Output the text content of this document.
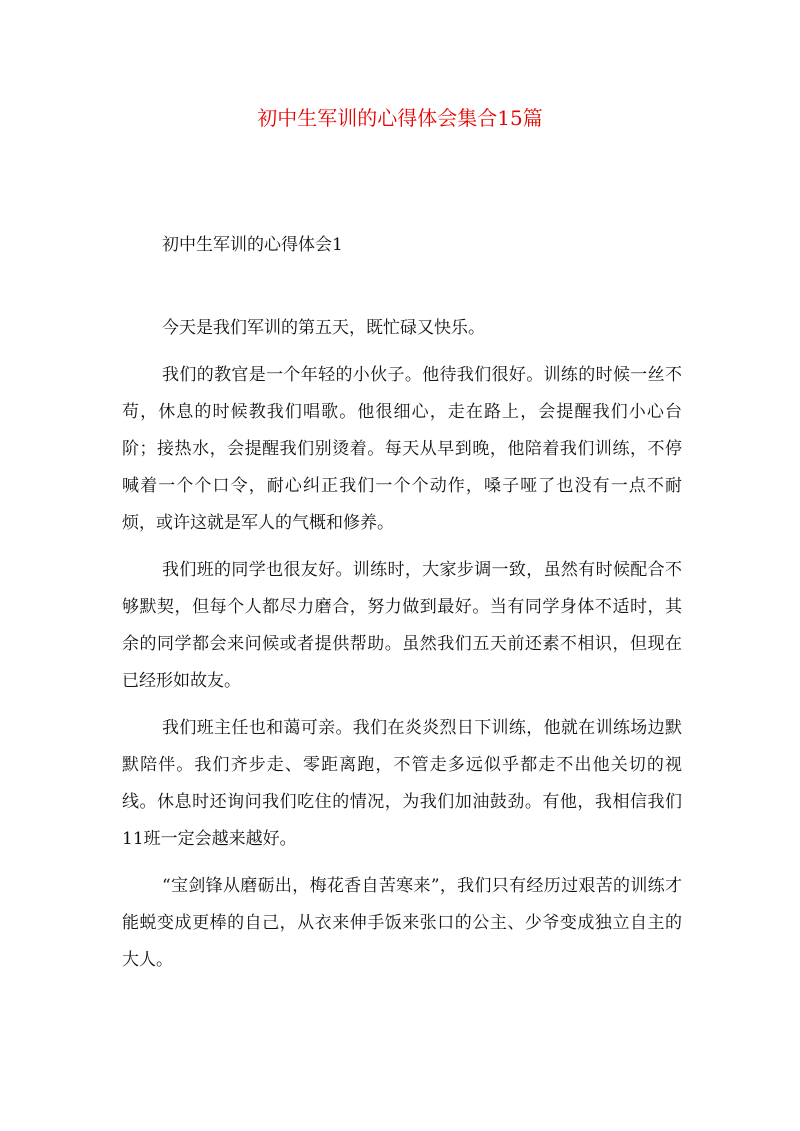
初中生军训的心得体会集合15篇
初中生军训的心得体会1

今天是我们军训的第五天，既忙碌又快乐。

我们的教官是一个年轻的小伙子。他待我们很好。训练的时候一丝不苟，休息的时候教我们唱歌。他很细心，走在路上，会提醒我们小心台阶；接热水，会提醒我们别烫着。每天从早到晚，他陪着我们训练，不停喊着一个个口令，耐心纠正我们一个个动作，嗓子哑了也没有一点不耐烦，或许这就是军人的气概和修养。

我们班的同学也很友好。训练时，大家步调一致，虽然有时候配合不够默契，但每个人都尽力磨合，努力做到最好。当有同学身体不适时，其余的同学都会来问候或者提供帮助。虽然我们五天前还素不相识，但现在已经形如故友。

我们班主任也和蔼可亲。我们在炎炎烈日下训练，他就在训练场边默默陪伴。我们齐步走、零距离跑，不管走多远似乎都走不出他关切的视线。休息时还询问我们吃住的情况，为我们加油鼓劲。有他，我相信我们11班一定会越来越好。

“宝剑锋从磨砺出，梅花香自苦寒来”，我们只有经历过艰苦的训练才能蜕变成更棒的自己，从衣来伸手饭来张口的公主、少爷变成独立自主的大人。
